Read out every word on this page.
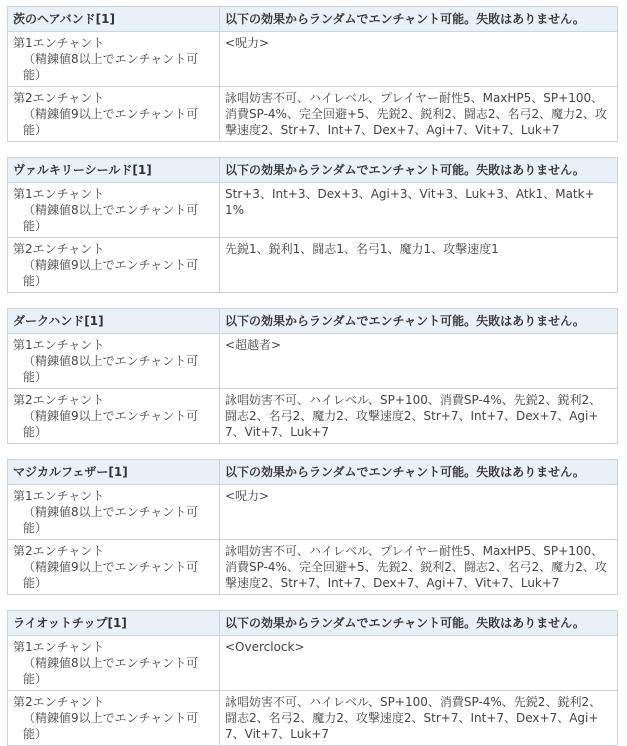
茨のヘアバンド[1]	以下の効果からランダムでエンチャント可能。失敗はありません。

第1エンチャント
（精錬値8以上でエンチャント可能）	<呪力>

第2エンチャント
（精錬値9以上でエンチャント可能）	詠唱妨害不可、ハイレベル、プレイヤー耐性5、MaxHP5、SP+100、消費SP-4%、完全回避+5、先鋭2、鋭利2、闘志2、名弓2、魔力2、攻撃速度2、Str+7、Int+7、Dex+7、Agi+7、Vit+7、Luk+7
ヴァルキリーシールド[1]	以下の効果からランダムでエンチャント可能。失敗はありません。

第1エンチャント
（精錬値8以上でエンチャント可能）	Str+3、Int+3、Dex+3、Agi+3、Vit+3、Luk+3、Atk1、Matk+1%

第2エンチャント
（精錬値9以上でエンチャント可能）	先鋭1、鋭利1、闘志1、名弓1、魔力1、攻撃速度1
ダークハンド[1]	以下の効果からランダムでエンチャント可能。失敗はありません。

第1エンチャント
（精錬値8以上でエンチャント可能）	<超越者>

第2エンチャント
（精錬値9以上でエンチャント可能）	詠唱妨害不可、ハイレベル、SP+100、消費SP-4%、先鋭2、鋭利2、闘志2、名弓2、魔力2、攻撃速度2、Str+7、Int+7、Dex+7、Agi+7、Vit+7、Luk+7
マジカルフェザー[1]	以下の効果からランダムでエンチャント可能。失敗はありません。

第1エンチャント
（精錬値8以上でエンチャント可能）	<呪力>

第2エンチャント
（精錬値9以上でエンチャント可能）	詠唱妨害不可、ハイレベル、プレイヤー耐性5、MaxHP5、SP+100、消費SP-4%、完全回避+5、先鋭2、鋭利2、闘志2、名弓2、魔力2、攻撃速度2、Str+7、Int+7、Dex+7、Agi+7、Vit+7、Luk+7
ライオットチップ[1]	以下の効果からランダムでエンチャント可能。失敗はありません。

第1エンチャント
（精錬値8以上でエンチャント可能）	<Overclock>

第2エンチャント
（精錬値9以上でエンチャント可能）	詠唱妨害不可、ハイレベル、SP+100、消費SP-4%、先鋭2、鋭利2、闘志2、名弓2、魔力2、攻撃速度2、Str+7、Int+7、Dex+7、Agi+7、Vit+7、Luk+7
